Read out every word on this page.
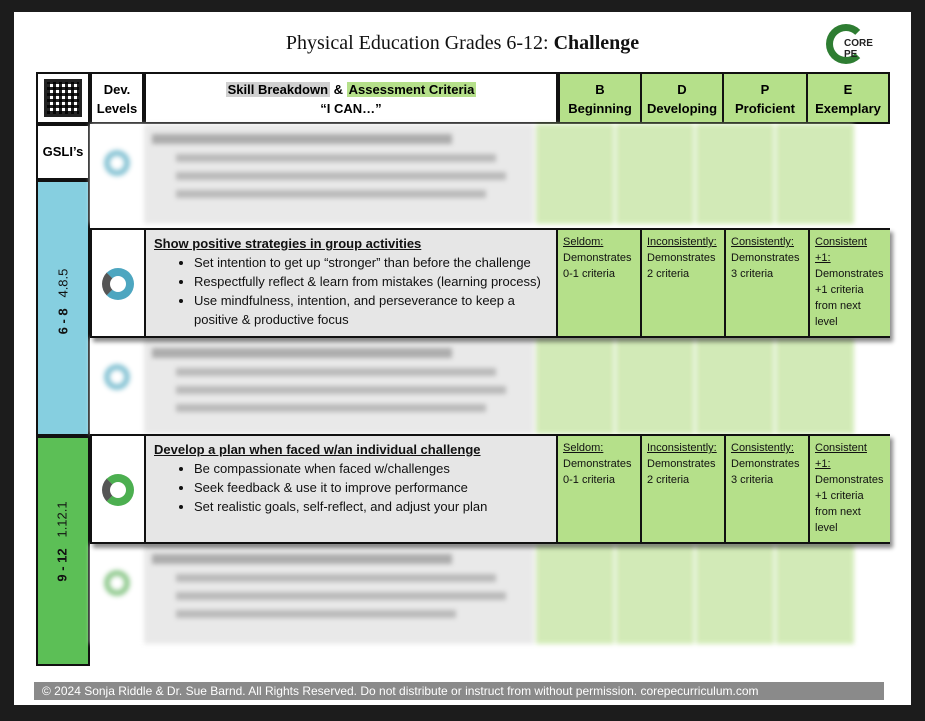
Physical Education Grades 6-12: Challenge	CORE PE
Dev.
Levels
Skill Breakdown & Assessment Criteria
“I CAN…”
B
Beginning
D
Developing
P
Proficient
E
Exemplary
GSLI’s
6 - 8   4.8.5
9 - 12   1.12.1
Show positive strategies in group activities
• Set intention to get up “stronger” than before the challenge
• Respectfully reflect & learn from mistakes (learning process)
• Use mindfulness, intention, and perseverance to keep a positive & productive focus
Seldom:
Demonstrates 0-1 criteria
Inconsistently:
Demonstrates 2 criteria
Consistently:
Demonstrates 3 criteria
Consistent +1:
Demonstrates +1 criteria from next level
Develop a plan when faced w/an individual challenge
• Be compassionate when faced w/challenges
• Seek feedback & use it to improve performance
• Set realistic goals, self-reflect, and adjust your plan
Seldom:
Demonstrates 0-1 criteria
Inconsistently:
Demonstrates 2 criteria
Consistently:
Demonstrates 3 criteria
Consistent +1:
Demonstrates +1 criteria from next level
© 2024 Sonja Riddle & Dr. Sue Barnd. All Rights Reserved. Do not distribute or instruct from without permission. corepecurriculum.com
